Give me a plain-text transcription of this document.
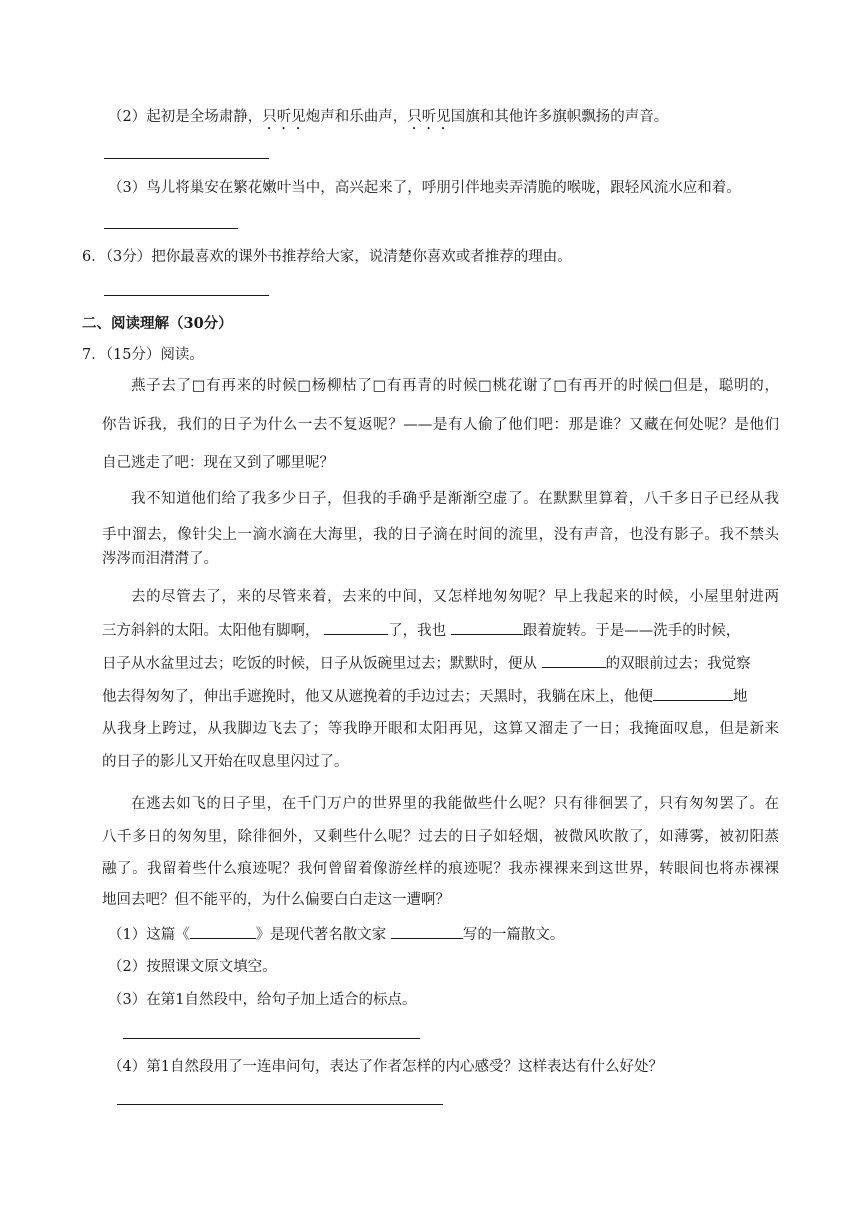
（2）起初是全场肃静，只听见炮声和乐曲声，只听见国旗和其他许多旗帜飘扬的声音。
（3）鸟儿将巢安在繁花嫩叶当中，高兴起来了，呼朋引伴地卖弄清脆的喉咙，跟轻风流水应和着。
6．（3分）把你最喜欢的课外书推荐给大家，说清楚你喜欢或者推荐的理由。
二、阅读理解（30分）
7．（15分）阅读。
燕子去了□有再来的时候□杨柳枯了□有再青的时候□桃花谢了□有再开的时候□但是，聪明的，
你告诉我，我们的日子为什么一去不复返呢？——是有人偷了他们吧：那是谁？又藏在何处呢？是他们
自己逃走了吧：现在又到了哪里呢？
我不知道他们给了我多少日子，但我的手确乎是渐渐空虚了。在默默里算着，八千多日子已经从我
手中溜去，像针尖上一滴水滴在大海里，我的日子滴在时间的流里，没有声音，也没有影子。我不禁头
涔涔而泪潸潸了。
去的尽管去了，来的尽管来着，去来的中间，又怎样地匆匆呢？早上我起来的时候，小屋里射进两
三方斜斜的太阳。太阳他有脚啊，	了，我也	跟着旋转。于是——洗手的时候，
日子从水盆里过去；吃饭的时候，日子从饭碗里过去；默默时，便从	的双眼前过去；我觉察
他去得匆匆了，伸出手遮挽时，他又从遮挽着的手边过去；天黑时，我躺在床上，他便	地
从我身上跨过，从我脚边飞去了；等我睁开眼和太阳再见，这算又溜走了一日；我掩面叹息，但是新来
的日子的影儿又开始在叹息里闪过了。
在逃去如飞的日子里，在千门万户的世界里的我能做些什么呢？只有徘徊罢了，只有匆匆罢了。在
八千多日的匆匆里，除徘徊外，又剩些什么呢？过去的日子如轻烟，被微风吹散了，如薄雾，被初阳蒸
融了。我留着些什么痕迹呢？我何曾留着像游丝样的痕迹呢？我赤裸裸来到这世界，转眼间也将赤裸裸
地回去吧？但不能平的，为什么偏要白白走这一遭啊？
（1）这篇《	》是现代著名散文家	写的一篇散文。
（2）按照课文原文填空。
（3）在第1自然段中，给句子加上适合的标点。
（4）第1自然段用了一连串问句，表达了作者怎样的内心感受？这样表达有什么好处？
